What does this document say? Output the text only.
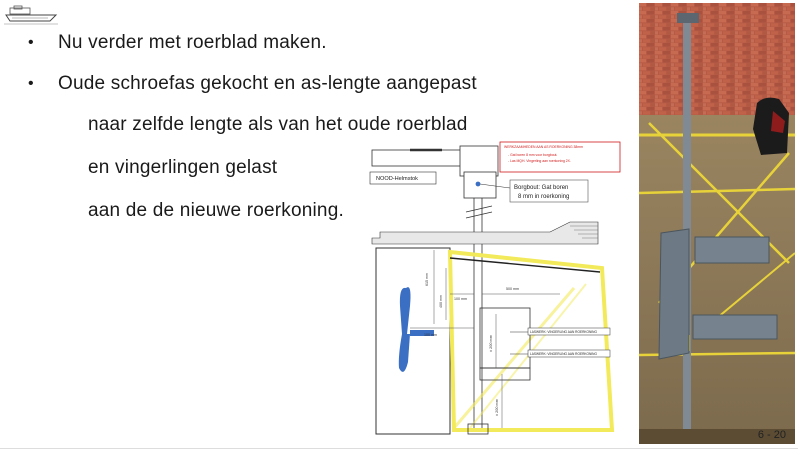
• Nu verder met roerblad maken.
• Oude schroefas gekocht en as-lengte aangepast
naar zelfde lengte als van het oude roerblad
en vingerlingen gelast
aan de de nieuwe roerkoning.
WERKZAAMHEDEN AAN AS ROERKONING 38mm
- Gat boren 8 mm voor borgbout.
- Las MQH. Vingerling aan roerkoning 2X.
NOOD-Helmstok
Borgbout: Gat boren
8 mm in roerkoning
615 mm
400 mm
100 mm
100 mm
500 mm
± 200 mm
± 200 mm
LASWERK: VINGERLING AAN ROERKONING
LASWERK: VINGERLING AAN ROERKONING
6 - 20
